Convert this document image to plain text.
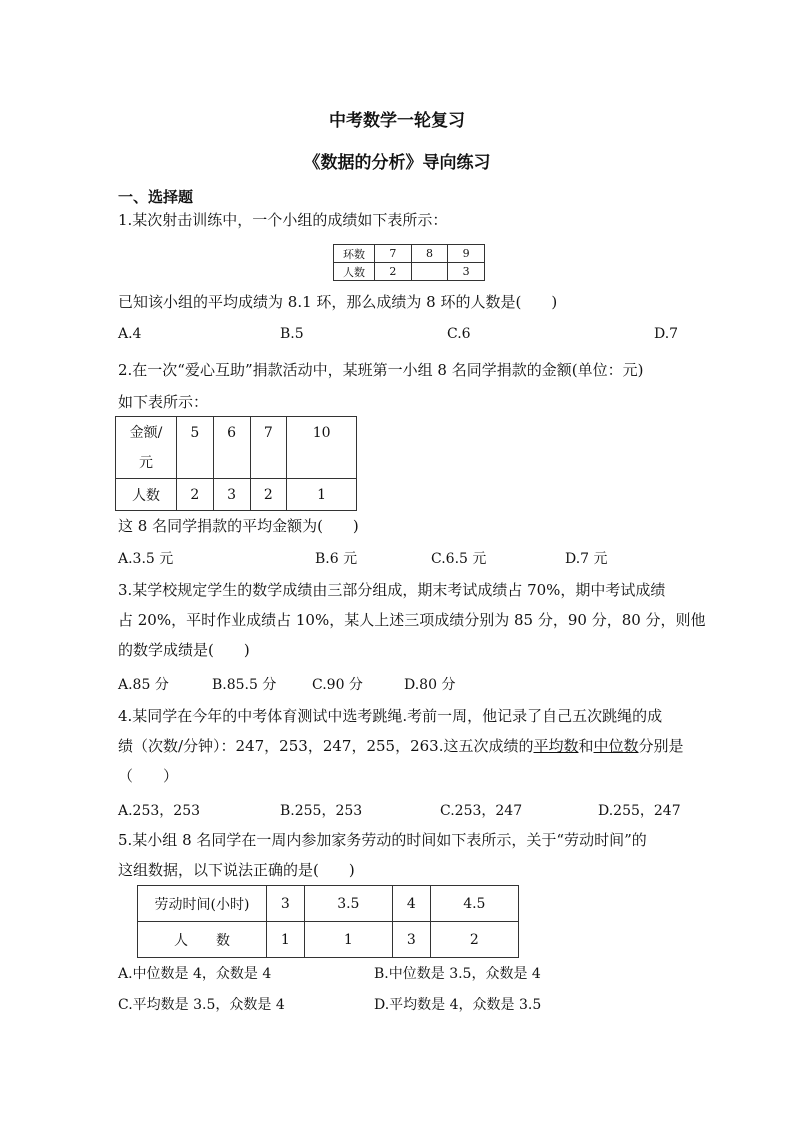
中考数学一轮复习
《数据的分析》导向练习
一、选择题
1.某次射击训练中，一个小组的成绩如下表所示：
环数	7	8	9
人数	2		3
已知该小组的平均成绩为 8.1 环，那么成绩为 8 环的人数是(　　)
A.4	B.5	C.6	D.7
2.在一次“爱心互助”捐款活动中，某班第一小组 8 名同学捐款的金额(单位：元)
如下表所示：
金额/
元	5	6	7	10
人数	2	3	2	1
这 8 名同学捐款的平均金额为(　　)
A.3.5 元	B.6 元	C.6.5 元	D.7 元
3.某学校规定学生的数学成绩由三部分组成，期末考试成绩占 70%，期中考试成绩
占 20%，平时作业成绩占 10%，某人上述三项成绩分别为 85 分，90 分，80 分，则他
的数学成绩是(　　)
A.85 分	B.85.5 分	C.90 分	D.80 分
4.某同学在今年的中考体育测试中选考跳绳.考前一周，他记录了自己五次跳绳的成
绩（次数/分钟）：247，253，247，255，263.这五次成绩的平均数和中位数分别是
（　　）
A.253，253	B.255，253	C.253，247	D.255，247
5.某小组 8 名同学在一周内参加家务劳动的时间如下表所示，关于“劳动时间”的
这组数据，以下说法正确的是(　　)
劳动时间(小时)	3	3.5	4	4.5
人　　数	1	1	3	2
A.中位数是 4，众数是 4	B.中位数是 3.5，众数是 4
C.平均数是 3.5，众数是 4	D.平均数是 4，众数是 3.5
